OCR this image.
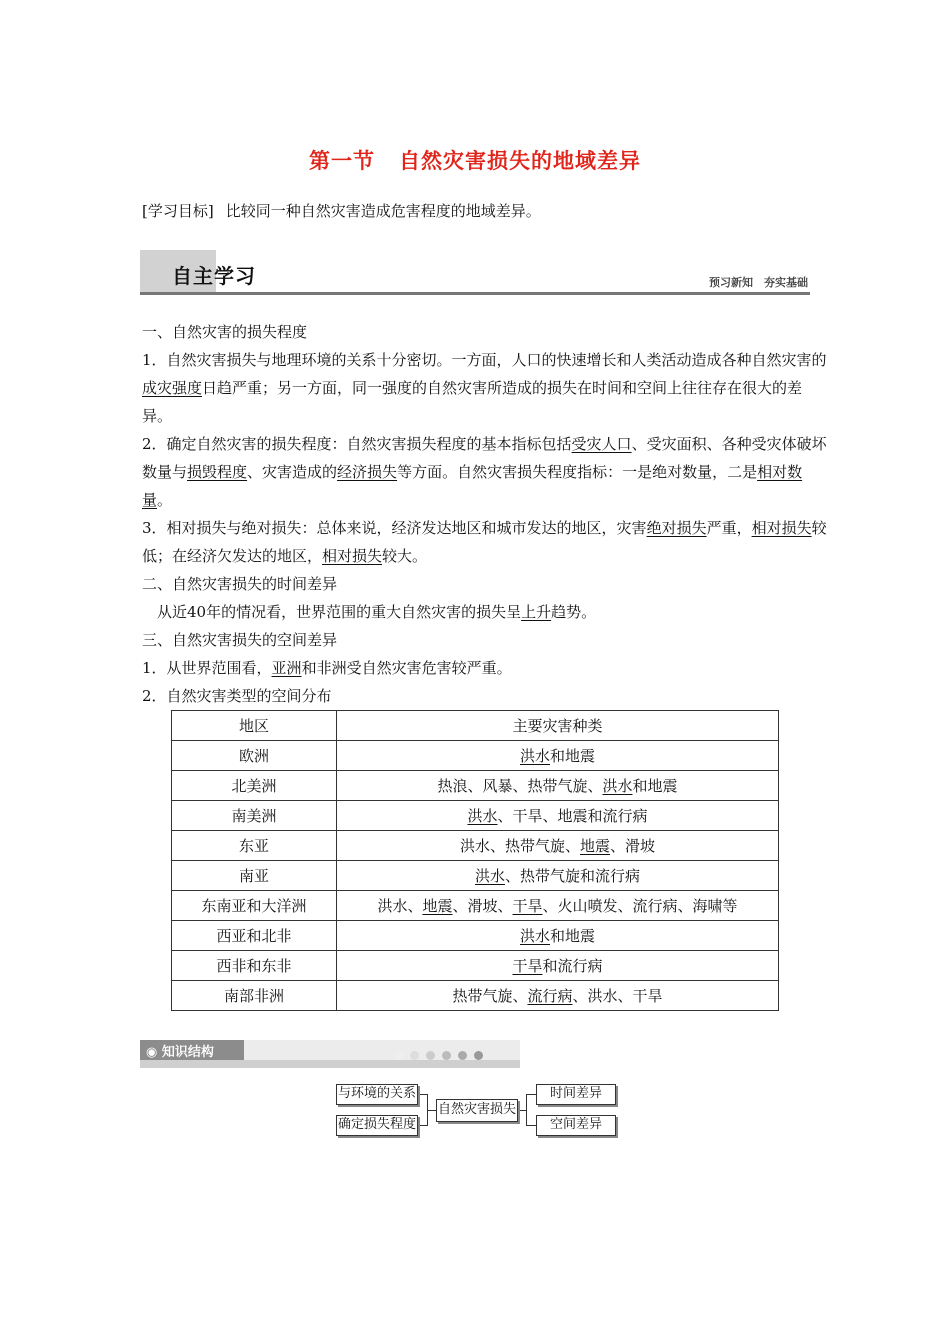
第一节 自然灾害损失的地域差异
[学习目标] 比较同一种自然灾害造成危害程度的地域差异。
自主学习	预习新知　夯实基础

一、自然灾害的损失程度

1．自然灾害损失与地理环境的关系十分密切。一方面，人口的快速增长和人类活动造成各种自然灾害的成灾强度日趋严重；另一方面，同一强度的自然灾害所造成的损失在时间和空间上往往存在很大的差异。

2．确定自然灾害的损失程度：自然灾害损失程度的基本指标包括受灾人口、受灾面积、各种受灾体破坏数量与损毁程度、灾害造成的经济损失等方面。自然灾害损失程度指标：一是绝对数量，二是相对数量。

3．相对损失与绝对损失：总体来说，经济发达地区和城市发达的地区，灾害绝对损失严重，相对损失较低；在经济欠发达的地区，相对损失较大。

二、自然灾害损失的时间差异

从近40年的情况看，世界范围的重大自然灾害的损失呈上升趋势。

三、自然灾害损失的空间差异

1．从世界范围看，亚洲和非洲受自然灾害危害较严重。

2．自然灾害类型的空间分布

地区	主要灾害种类
欧洲	洪水和地震
北美洲	热浪、风暴、热带气旋、洪水和地震
南美洲	洪水、干旱、地震和流行病
东亚	洪水、热带气旋、地震、滑坡
南亚	洪水、热带气旋和流行病
东南亚和大洋洲	洪水、地震、滑坡、干旱、火山喷发、流行病、海啸等
西亚和北非	洪水和地震
西非和东非	干旱和流行病
南部非洲	热带气旋、流行病、洪水、干旱
◉ 知识结构
与环境的关系
确定损失程度
自然灾害损失
时间差异
空间差异
